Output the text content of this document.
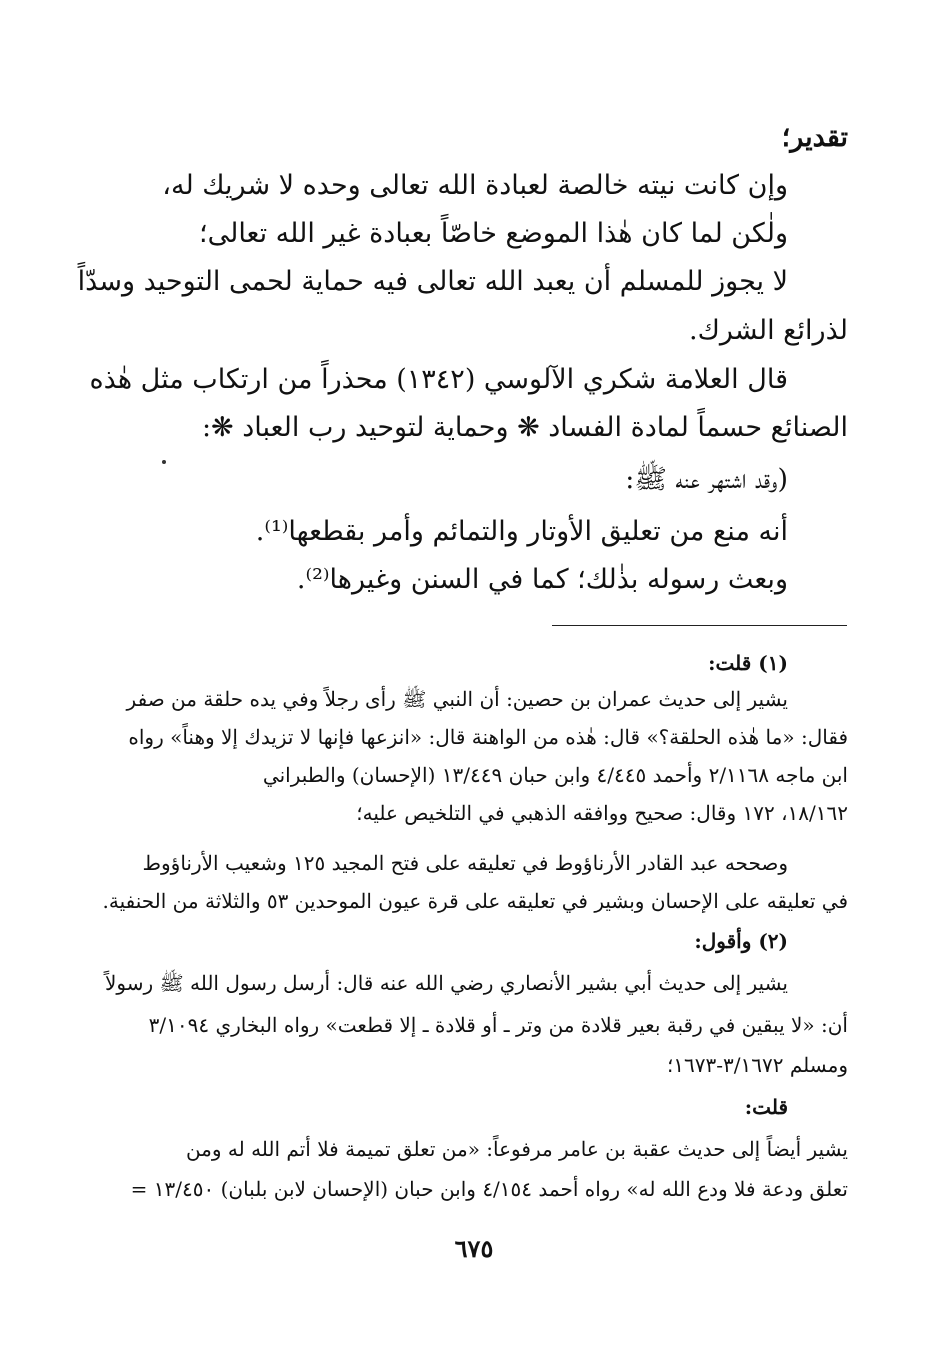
تقدير؛
وإن كانت نيته خالصة لعبادة الله تعالى وحده لا شريك له،
ولٰكن لما كان هٰذا الموضع خاصّاً بعبادة غير الله تعالى؛
لا يجوز للمسلم أن يعبد الله تعالى فيه حماية لحمى التوحيد وسدّاً
لذرائع الشرك.
قال العلامة شكري الآلوسي (١٣٤٢) محذراً من ارتكاب مثل هٰذه
الصنائع حسماً لمادة الفساد ❋ وحماية لتوحيد رب العباد ❋:
(وقد اشتهر عنه ﷺ:
أنه منع من تعليق الأوتار والتمائم وأمر بقطعها⁽¹⁾.
وبعث رسوله بذٰلك؛ كما في السنن وغيرها⁽²⁾.
(١) قلت:
يشير إلى حديث عمران بن حصين: أن النبي ﷺ رأى رجلاً وفي يده حلقة من صفر
فقال: «ما هٰذه الحلقة؟» قال: هٰذه من الواهنة قال: «انزعها فإنها لا تزيدك إلا وهناً» رواه
ابن ماجه ٢/١١٦٨ وأحمد ٤/٤٤٥ وابن حبان ١٣/٤٤٩ (الإحسان) والطبراني
١٨/١٦٢، ١٧٢ وقال: صحيح ووافقه الذهبي في التلخيص عليه؛
وصححه عبد القادر الأرناؤوط في تعليقه على فتح المجيد ١٢٥ وشعيب الأرناؤوط
في تعليقه على الإحسان وبشير في تعليقه على قرة عيون الموحدين ٥٣ والثلاثة من الحنفية.
(٢) وأقول:
يشير إلى حديث أبي بشير الأنصاري رضي الله عنه قال: أرسل رسول الله ﷺ رسولاً
أن: «لا يبقين في رقبة بعير قلادة من وتر ـ أو قلادة ـ إلا قطعت» رواه البخاري ٣/١٠٩٤
ومسلم ٣/١٦٧٢-١٦٧٣؛
قلت:
يشير أيضاً إلى حديث عقبة بن عامر مرفوعاً: «من تعلق تميمة فلا أتم الله له ومن
تعلق ودعة فلا ودع الله له» رواه أحمد ٤/١٥٤ وابن حبان (الإحسان لابن بلبان) ١٣/٤٥٠ =
٦٧٥
